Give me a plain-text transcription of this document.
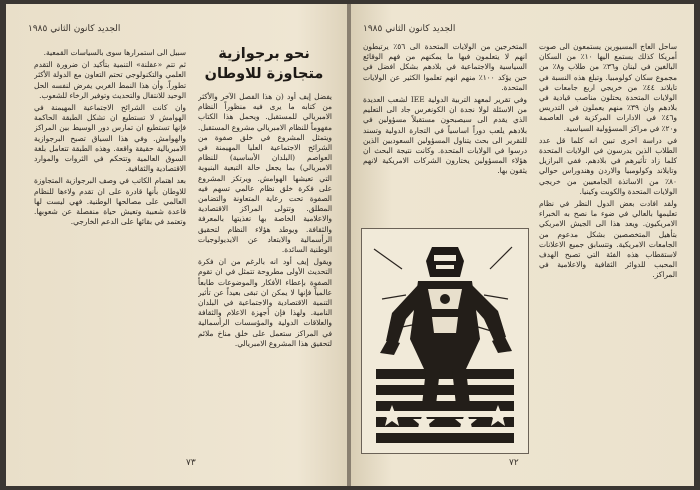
الجديد كانون الثاني ١٩٨٥
نحو برجوازية
متجاوزة للاوطان

يفضل إيف أود (ن هذا الفصل الآخر والأكثر من كتابه ما يرى فيه منظوراً النظام الامبريالي للمستقبل. ويحمل هذا الكتاب مفهوماً للنظام الامبريالي مشروع المستقبل. ويتمثل المشروع في خلق صفوة من الشرائح الاجتماعية العليا المهيمنة في العواصم (البلدان الأساسية) للنظام الامبريالي) بما يجعل حالة التبعية البنيوية التي تعيشها الهوامش. ويرتكز المشروع على فكرة خلق نظام عالمي تسهم فيه الصفوة تحت رعاية المتعاونة والتضامن المطلق. وتتولى المراكز الاقتصادية والاعلامية الخاصة بها تغذيتها بالمعرفة والثقافة. ويوطد هؤلاء النظام لتحقيق الرأسمالية والابتعاد عن الايديولوجيات الوطنية السائدة.

ويقول إيف أود انه بالرغم من ان فكرة التحديث الأولى مطروحة تتمثل في ان تقوم الصفوة بإعطاء الأفكار والموضوعات طابعاً عالمياً فإنها لا يمكن ان تبقى بعيداً عن تأثير التنمية الاقتصادية والاجتماعية في البلدان النامية. ولهذا فإن أجهزة الاعلام والثقافة والعلاقات الدولية والمؤسسات الرأسمالية في المراكز ستعمل على خلق مناخ ملائم لتحقيق هذا المشروع الامبريالي.

سبيل الى استمرارها سوى بالسياسات القمعية.

ثم تتم «عقلنة» التنمية بتأكيد ان ضرورة التقدم العلمي والتكنولوجي تحتم التعاون مع الدولة الأكثر تطوراً. وأن هذا النمط الغربي يفرض لنفسه الحل الوحيد للانتقال والتحديث وتوفير الرخاء للشعوب.

وان كانت الشرائح الاجتماعية المهيمنة في الهوامش لا تستطيع ان تشكل الطبقة الحاكمة فإنها تستطيع ان تمارس دور الوسيط بين المراكز والهوامش. وفي هذا السياق تصبح البرجوازية الامبريالية حقيقة واقعة. وهذه الطبقة تتعامل بلغة السوق العالمية وتتحكم في الثروات والموارد الاقتصادية والثقافية.

بعد اهتمام الكاتب في وصف البرجوازية المتجاوزة للاوطان بأنها قادرة على ان تقدم ولاءها للنظام العالمي على مصالحها الوطنية. فهي ليست لها قاعدة شعبية وتعيش حياة منفصلة عن شعوبها. وتعتمد في بقائها على الدعم الخارجي.

٧٣
الجديد كانون الثاني ١٩٨٥

ساحل العاج المسيورين يستمعون الى صوت أمريكا كذلك يستمع اليها ١٠٪ من السكان البالغين في لبنان و٣٦٪ من طلاب و٨٪ من مجموع سكان كولومبيا. وتبلغ هذه النسبة في تايلاند ٤٤٪ من خريجي اربع جامعات في الولايات المتحدة يحتلون مناصب قيادية في بلادهم وان ٣٩٪ منهم يعملون في التدريس و٤٦٪ في الادارات المركزية في العاصمة و٢٠٪ في مراكز المسؤولية السياسية.

في دراسة اخرى تبين انه كلما قل عدد الطلاب الذين يدرسون في الولايات المتحدة كلما زاد تأثيرهم في بلادهم. ففي البرازيل وتايلاند وكولومبيا والاردن وهندوراس حوالي ٨٠٪ من الاساتذة الجامعيين من خريجي الولايات المتحدة والكويت وكينيا.

ولقد افادت بعض الدول النظر في نظام تعليمها بالعالي في ضوء ما نصح به الخبراء الامريكيون. ويعد هذا الى الجيش الامريكي بتأهيل المتخصصين بشكل مدعوم من الجامعات الامريكية. وتتسابق جميع الاعلانات لاستقطاب هذه الفئة التي تصبح الهدف المحبب للدوائر الثقافية والاعلامية في المراكز.

المتخرجين من الولايات المتحدة الى ٥٦٪ يرتبطون انهم لا يتعلمون فيها ما يمكنهم من فهم الوقائع السياسية والاجتماعية في بلادهم بشكل افضل في حين يؤكد ١٠٠٪ منهم انهم تعلموا الكثير عن الولايات المتحدة.

وفي تقرير لمعهد التربية الدولية IEE لشعب العديدة من الاسئلة لولا نجدة ان الكونغرس جاد الى التعليم الذي يقدم الى سيصبحون مستقبلاً مسؤولين في بلادهم يلعب دوراً اساسياً في التجارة الدولية وتسند للتقرير الى بحث يتناول المسؤولين السعوديين الذين درسوا في الولايات المتحدة. وكانت نتيجة البحث ان هؤلاء المسؤولين يختارون الشركات الامريكية لانهم يثقون بها.

٧٢
